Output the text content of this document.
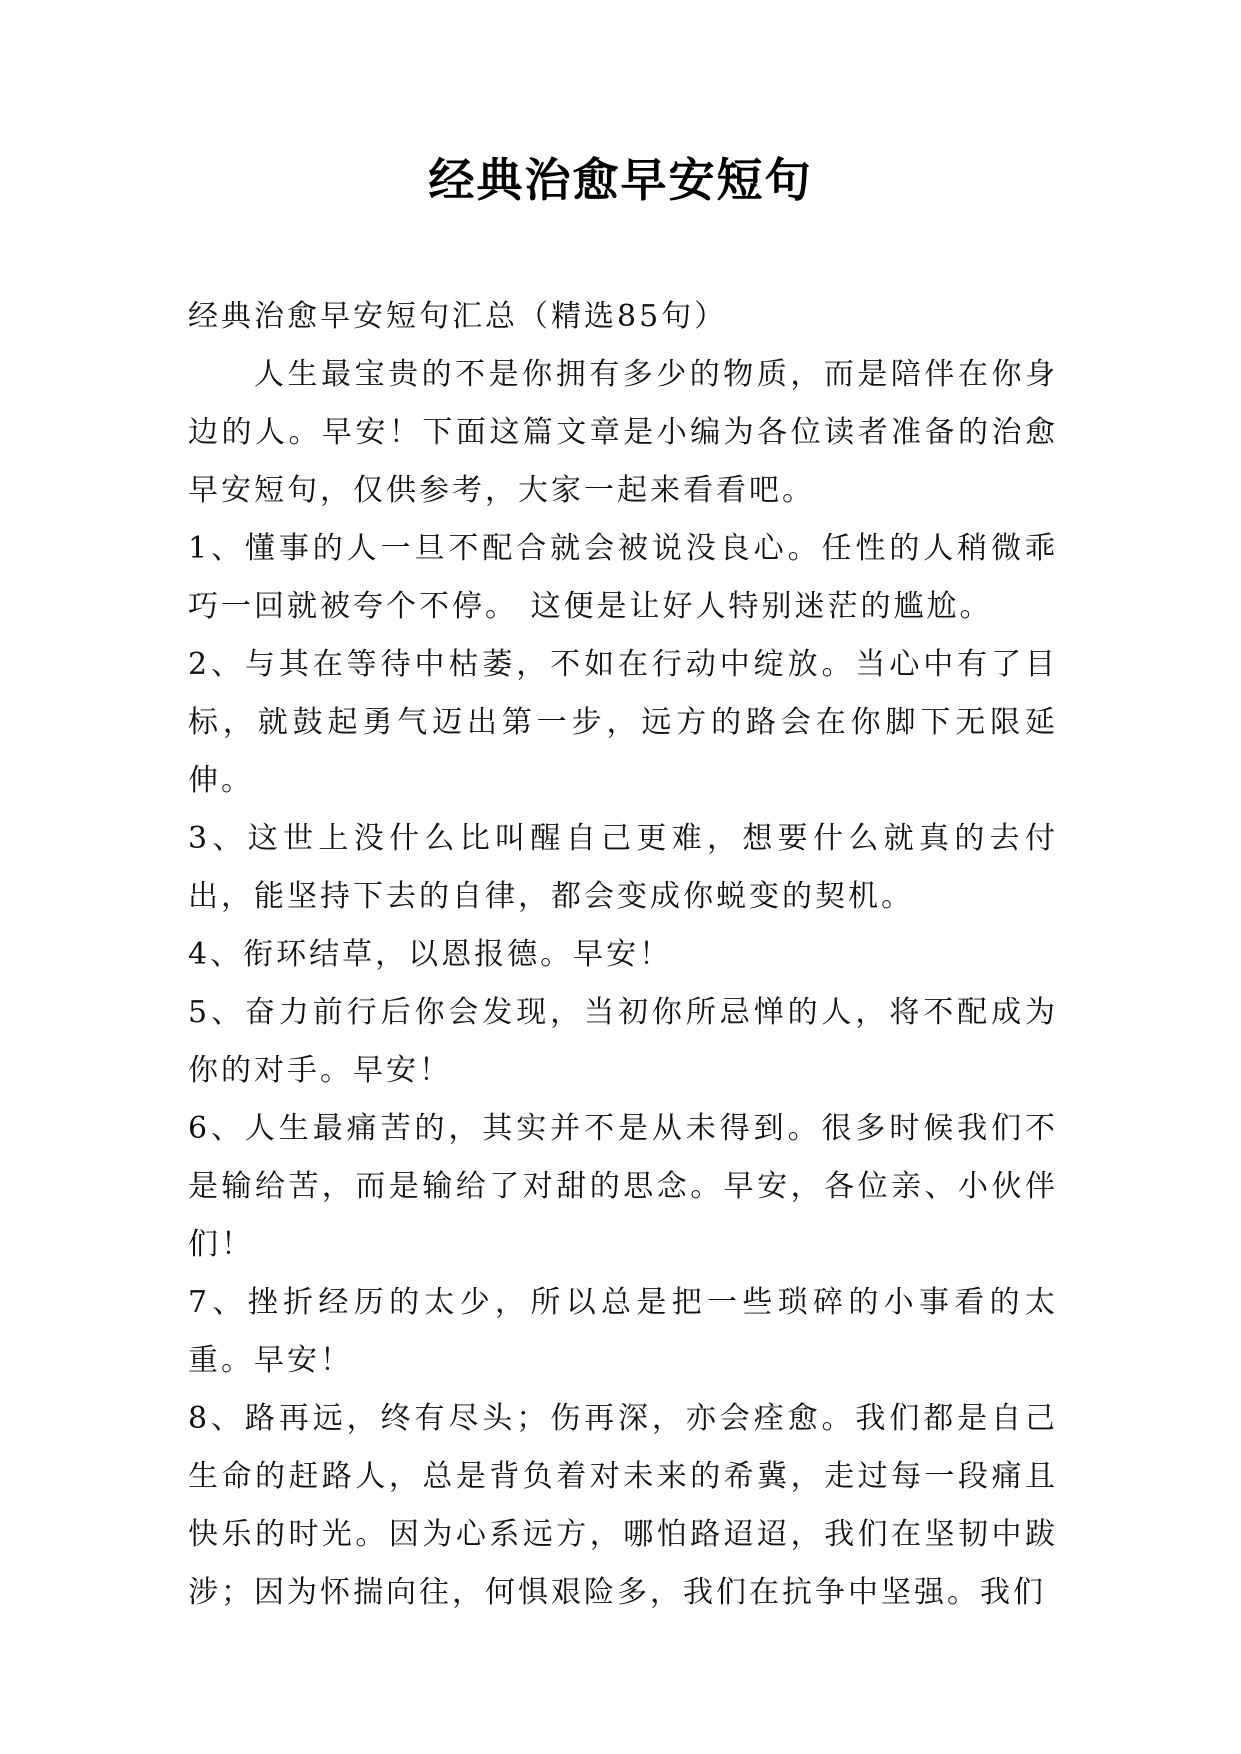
经典治愈早安短句

经典治愈早安短句汇总（精选85句）

人生最宝贵的不是你拥有多少的物质，而是陪伴在你身边的人。早安！下面这篇文章是小编为各位读者准备的治愈早安短句，仅供参考，大家一起来看看吧。

1、懂事的人一旦不配合就会被说没良心。任性的人稍微乖巧一回就被夸个不停。 这便是让好人特别迷茫的尴尬。

2、与其在等待中枯萎，不如在行动中绽放。当心中有了目标，就鼓起勇气迈出第一步，远方的路会在你脚下无限延伸。

3、这世上没什么比叫醒自己更难，想要什么就真的去付出，能坚持下去的自律，都会变成你蜕变的契机。

4、衔环结草，以恩报德。早安！

5、奋力前行后你会发现，当初你所忌惮的人，将不配成为你的对手。早安！

6、人生最痛苦的，其实并不是从未得到。很多时候我们不是输给苦，而是输给了对甜的思念。早安，各位亲、小伙伴们！

7、挫折经历的太少，所以总是把一些琐碎的小事看的太重。早安！

8、路再远，终有尽头；伤再深，亦会痊愈。我们都是自己生命的赶路人，总是背负着对未来的希冀，走过每一段痛且快乐的时光。因为心系远方，哪怕路迢迢，我们在坚韧中跋涉；因为怀揣向往，何惧艰险多，我们在抗争中坚强。我们
